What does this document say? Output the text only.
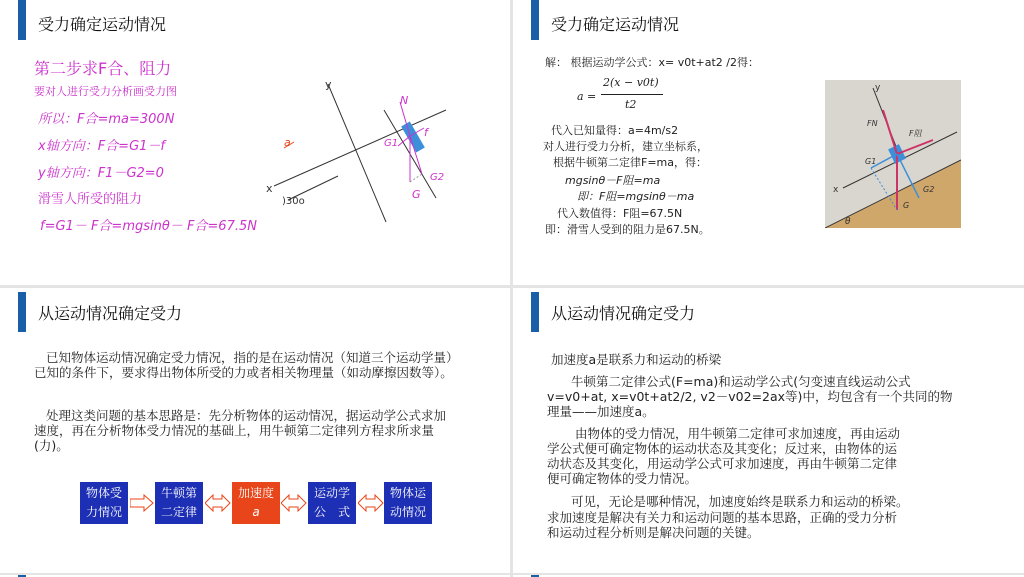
受力确定运动情况
第二步求F合、阻力
要对人进行受力分析画受力图
所以：F合=ma=300N
x轴方向：F合=G1－f
y轴方向：F1－G2=0
滑雪人所受的阻力
f=G1－ F合=mgsinθ－ F合=67.5N
y
x
N
f
a	G1
G2
G
)30o
受力确定运动情况
解： 根据运动学公式：x= v0t+at2 /2得：
a =
2(x − v0t)
t2
代入已知量得：a=4m/s2
对人进行受力分析，建立坐标系，
根据牛顿第二定律F=ma，得：
mgsinθ－F阻=ma
即：F阻=mgsinθ－ma
代入数值得：F阻=67.5N
即：滑雪人受到的阻力是67.5N。
y
x
FN
F阻
G1
G2
G
θ
从运动情况确定受力
已知物体运动情况确定受力情况，指的是在运动情况（知道三个运动学量）已知的条件下，要求得出物体所受的力或者相关物理量（如动摩擦因数等）。
处理这类问题的基本思路是：先分析物体的运动情况，据运动学公式求加速度，再在分析物体受力情况的基础上，用牛顿第二定律列方程求所求量(力)。
物体受
力情况
牛顿第
二定律
加速度
a
运动学
公　式
物体运
动情况
从运动情况确定受力
加速度a是联系力和运动的桥梁
牛顿第二定律公式(F=ma)和运动学公式(匀变速直线运动公式
v=v0+at, x=v0t+at2/2, v2－v02=2ax等)中，均包含有一个共同的物
理量——加速度a。
由物体的受力情况，用牛顿第二定律可求加速度，再由运动
学公式便可确定物体的运动状态及其变化；反过来，由物体的运
动状态及其变化，用运动学公式可求加速度，再由牛顿第二定律
便可确定物体的受力情况。
可见，无论是哪种情况，加速度始终是联系力和运动的桥梁。
求加速度是解决有关力和运动问题的基本思路，正确的受力分析
和运动过程分析则是解决问题的关键。
